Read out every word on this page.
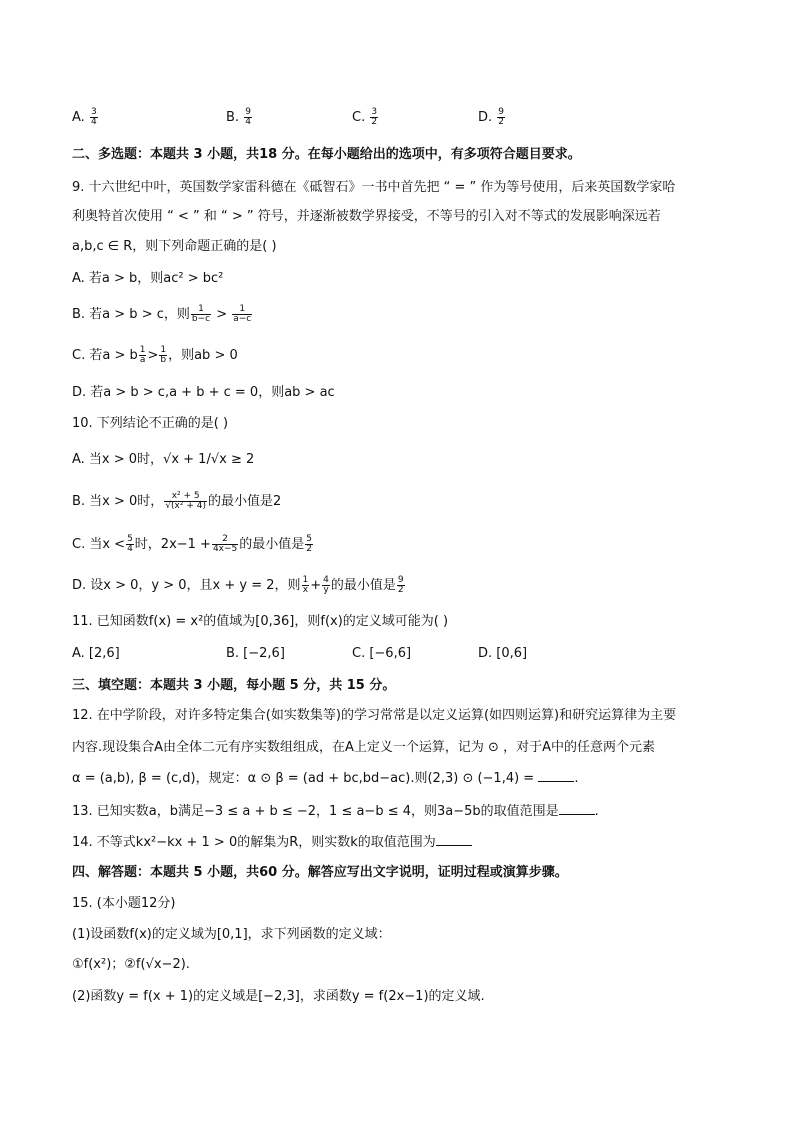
A. $\frac{3}{4}$	B. $\frac{9}{4}$	C. $\frac{3}{2}$	D. $\frac{9}{2}$
二、多选题：本题共 3 小题，共18 分。在每小题给出的选项中，有多项符合题目要求。
9. 十六世纪中叶，英国数学家雷科德在《砥智石》一书中首先把 “ = ” 作为等号使用，后来英国数学家哈
利奥特首次使用 “ < ” 和 “ > ” 符号，并逐渐被数学界接受，不等号的引入对不等式的发展影响深远若
a,b,c ∈ R，则下列命题正确的是( )
A. 若a > b，则ac² > bc²
B. 若a > b > c，则 $\frac{1}{b-c} > \frac{1}{a-c}$
C. 若a > b $\frac{1}{a} > \frac{1}{b}$ ，则ab > 0
D. 若a > b > c,a + b + c = 0，则ab > ac
10. 下列结论不正确的是( )
A. 当x > 0时，√x + 1/√x ≥ 2
B. 当x > 0时， $\frac{\text{x² + 5}}{\text{√(x² + 4)}}$ 的最小值是2
C. 当$x < \frac{5}{4}$ 时，$2x-1 + \frac{2}{4x-5}$ 的最小值是 $\frac{5}{2}$
D. 设x > 0，y > 0，且x + y = 2，则 $\frac{1}{x} + \frac{4}{y}$ 的最小值是 $\frac{9}{2}$
11. 已知函数f(x) = x²的值域为[0,36]，则f(x)的定义域可能为( )
A. [2,6]	B. [−2,6]	C. [−6,6]	D. [0,6]
三、填空题：本题共 3 小题，每小题 5 分，共 15 分。
12. 在中学阶段，对许多特定集合(如实数集等)的学习常常是以定义运算(如四则运算)和研究运算律为主要
内容.现设集合A由全体二元有序实数组组成，在A上定义一个运算，记为 ⊙ ，对于A中的任意两个元素
α = (a,b), β = (c,d)，规定：α ⊙ β = (ad + bc,bd−ac).则(2,3) ⊙ (−1,4) =	.
13. 已知实数a，b满足−3 ≤ a + b ≤ −2，1 ≤ a−b ≤ 4，则3a−5b的取值范围是	.
14. 不等式kx²−kx + 1 > 0的解集为R，则实数k的取值范围为
四、解答题：本题共 5 小题，共60 分。解答应写出文字说明，证明过程或演算步骤。
15. (本小题12分)
(1)设函数f(x)的定义域为[0,1]，求下列函数的定义域：
①f(x²)；②f(√x−2).
(2)函数y = f(x + 1)的定义域是[−2,3]，求函数y = f(2x−1)的定义域.
